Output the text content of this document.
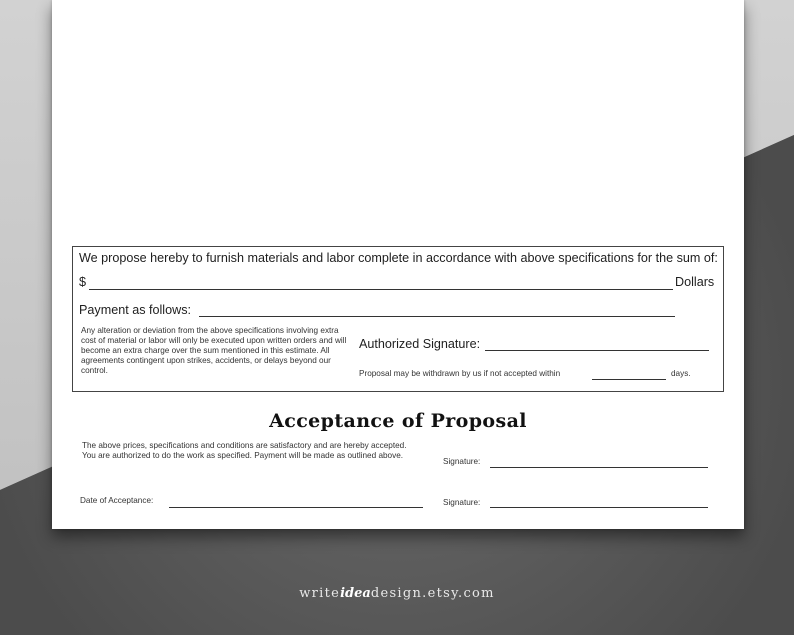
We propose hereby to furnish materials and labor complete in accordance with above specifications for the sum of:
$	Dollars
Payment as follows:
Any alteration or deviation from the above specifications involving extra cost of material or labor will only be executed upon written orders and will become an extra charge over the sum mentioned in this estimate. All agreements contingent upon strikes, accidents, or delays beyond our control.
Authorized Signature:
Proposal may be withdrawn by us if not accepted within	days.
Acceptance of Proposal
The above prices, specifications and conditions are satisfactory and are hereby accepted. You are authorized to do the work as specified. Payment will be made as outlined above.
Signature:
Date of Acceptance:	Signature:
writeideadesign.etsy.com
